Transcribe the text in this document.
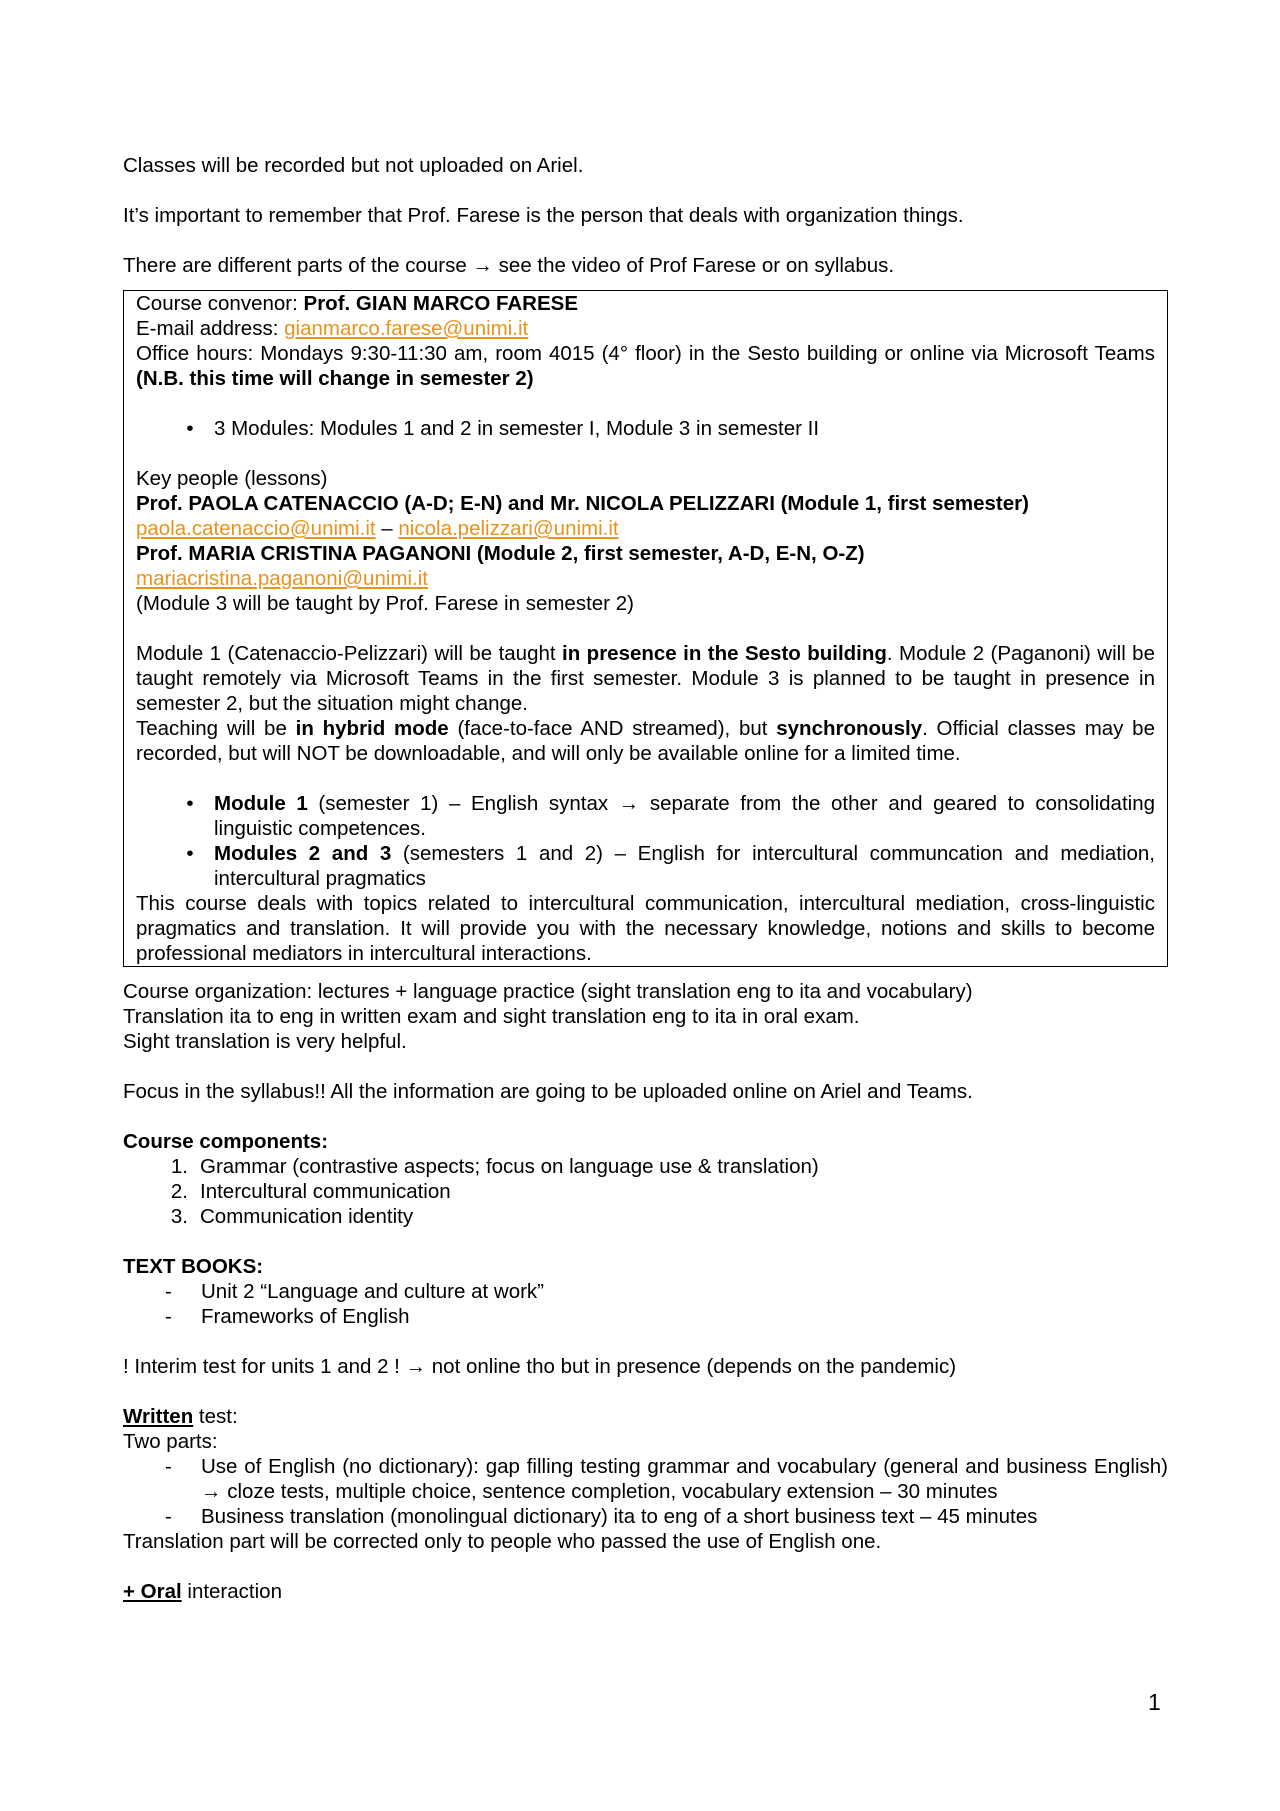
Classes will be recorded but not uploaded on Ariel.

It’s important to remember that Prof. Farese is the person that deals with organization things.

There are different parts of the course → see the video of Prof Farese or on syllabus.

Course convenor: Prof. GIAN MARCO FARESE

E-mail address: gianmarco.farese@unimi.it

Office hours: Mondays 9:30-11:30 am, room 4015 (4° floor) in the Sesto building or online via Microsoft Teams (N.B. this time will change in semester 2)

• 3 Modules: Modules 1 and 2 in semester I, Module 3 in semester II

Key people (lessons)

Prof. PAOLA CATENACCIO (A-D; E-N) and Mr. NICOLA PELIZZARI (Module 1, first semester)

paola.catenaccio@unimi.it – nicola.pelizzari@unimi.it

Prof. MARIA CRISTINA PAGANONI (Module 2, first semester, A-D, E-N, O-Z)

mariacristina.paganoni@unimi.it

(Module 3 will be taught by Prof. Farese in semester 2)

Module 1 (Catenaccio-Pelizzari) will be taught in presence in the Sesto building. Module 2 (Paganoni) will be taught remotely via Microsoft Teams in the first semester. Module 3 is planned to be taught in presence in semester 2, but the situation might change.

Teaching will be in hybrid mode (face-to-face AND streamed), but synchronously. Official classes may be recorded, but will NOT be downloadable, and will only be available online for a limited time.

• Module 1 (semester 1) – English syntax → separate from the other and geared to consolidating linguistic competences.
• Modules 2 and 3 (semesters 1 and 2) – English for intercultural communcation and mediation, intercultural pragmatics

This course deals with topics related to intercultural communication, intercultural mediation, cross-linguistic pragmatics and translation. It will provide you with the necessary knowledge, notions and skills to become professional mediators in intercultural interactions.

Course organization: lectures + language practice (sight translation eng to ita and vocabulary)

Translation ita to eng in written exam and sight translation eng to ita in oral exam.

Sight translation is very helpful.

Focus in the syllabus!! All the information are going to be uploaded online on Ariel and Teams.

Course components:

1. Grammar (contrastive aspects; focus on language use & translation)
2. Intercultural communication
3. Communication identity

TEXT BOOKS:

-	Unit 2 “Language and culture at work”
-	Frameworks of English

! Interim test for units 1 and 2 ! → not online tho but in presence (depends on the pandemic)

Written test:

Two parts:

-	Use of English (no dictionary): gap filling testing grammar and vocabulary (general and business English) → cloze tests, multiple choice, sentence completion, vocabulary extension – 30 minutes
-	Business translation (monolingual dictionary) ita to eng of a short business text – 45 minutes

Translation part will be corrected only to people who passed the use of English one.

+ Oral interaction

1
